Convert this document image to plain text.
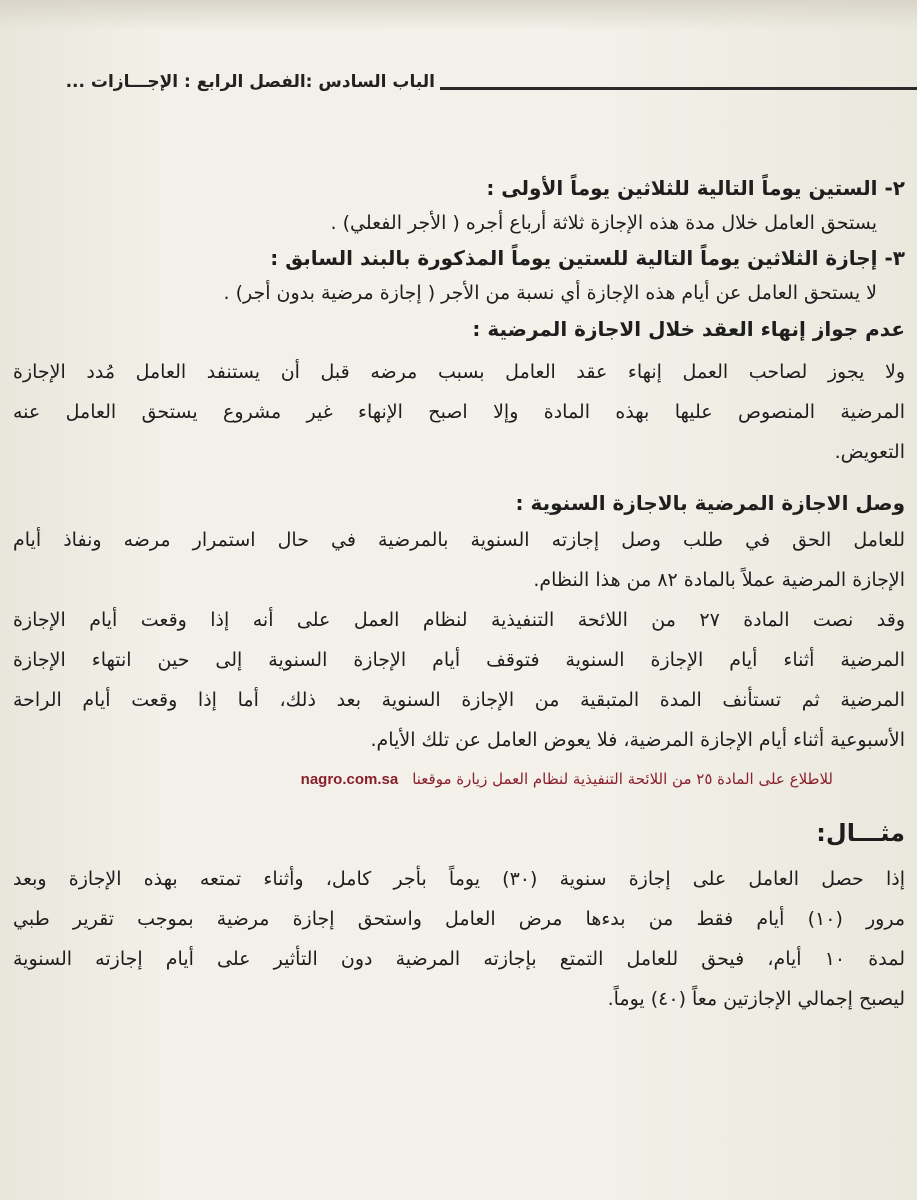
الباب السادس :الفصل الرابع : الإجـــازات ...

٢- الستين يوماً التالية للثلاثين يوماً الأولى :

يستحق العامل خلال مدة هذه الإجازة ثلاثة أرباع أجره ( الأجر الفعلي) .

٣- إجازة الثلاثين يوماً التالية للستين يوماً المذكورة بالبند السابق :

لا يستحق العامل عن أيام هذه الإجازة أي نسبة من الأجر ( إجازة مرضية بدون أجر) .

عدم جواز إنهاء العقد خلال الاجازة المرضية :

ولا يجوز لصاحب العمل إنهاء عقد العامل بسبب مرضه قبل أن يستنفد العامل مُدد الإجازة
المرضية المنصوص عليها بهذه المادة وإلا اصبح الإنهاء غير مشروع يستحق العامل عنه
التعويض.

وصل الاجازة المرضية بالاجازة السنوية :

للعامل الحق في طلب وصل إجازته السنوية بالمرضية في حال استمرار مرضه ونفاذ أيام
الإجازة المرضية عملاً بالمادة ٨٢ من هذا النظام.

وقد نصت المادة ٢٧ من اللائحة التنفيذية لنظام العمل على أنه إذا وقعت أيام الإجازة
المرضية أثناء أيام الإجازة السنوية فتوقف أيام الإجازة السنوية إلى حين انتهاء الإجازة
المرضية ثم تستأنف المدة المتبقية من الإجازة السنوية بعد ذلك، أما إذا وقعت أيام الراحة
الأسبوعية أثناء أيام الإجازة المرضية، فلا يعوض العامل عن تلك الأيام.

للاطلاع على المادة ٢٥ من اللائحة التنفيذية لنظام العمل زيارة موقعناnagro.com.sa

مثـــال:

إذا حصل العامل على إجازة سنوية (٣٠) يوماً بأجر كامل، وأثناء تمتعه بهذه الإجازة وبعد
مرور (١٠) أيام فقط من بدءها مرض العامل واستحق إجازة مرضية بموجب تقرير طبي
لمدة ١٠ أيام، فيحق للعامل التمتع بإجازته المرضية دون التأثير على أيام إجازته السنوية
ليصبح إجمالي الإجازتين معاً (٤٠) يوماً.
